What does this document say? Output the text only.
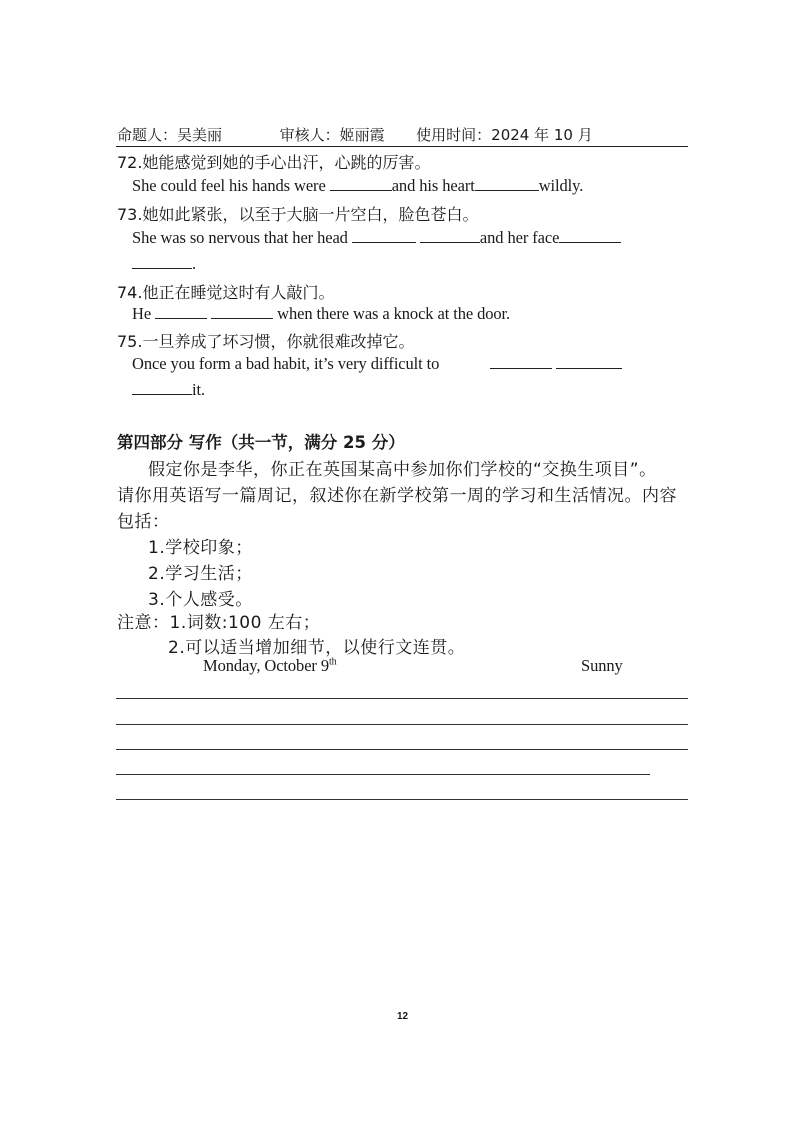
命题人：吴美丽	审核人：姬丽霞 使用时间：2024 年 10 月
72.她能感觉到她的手心出汗，心跳的厉害。
She could feel his hands were	and his heart	wildly.
73.她如此紧张，以至于大脑一片空白，脸色苍白。
She was so nervous that her head	and her face
.
74.他正在睡觉这时有人敲门。
He	when there was a knock at the door.
75.一旦养成了坏习惯，你就很难改掉它。
Once you form a bad habit, it’s very difficult to

it.
第四部分 写作（共一节，满分 25 分）
假定你是李华，你正在英国某高中参加你们学校的“交换生项目”。
请你用英语写一篇周记，叙述你在新学校第一周的学习和生活情况。内容
包括：
1.学校印象；
2.学习生活；
3.个人感受。
注意：1.词数:100 左右；
2.可以适当增加细节，以使行文连贯。
Monday, October 9th	Sunny
12
